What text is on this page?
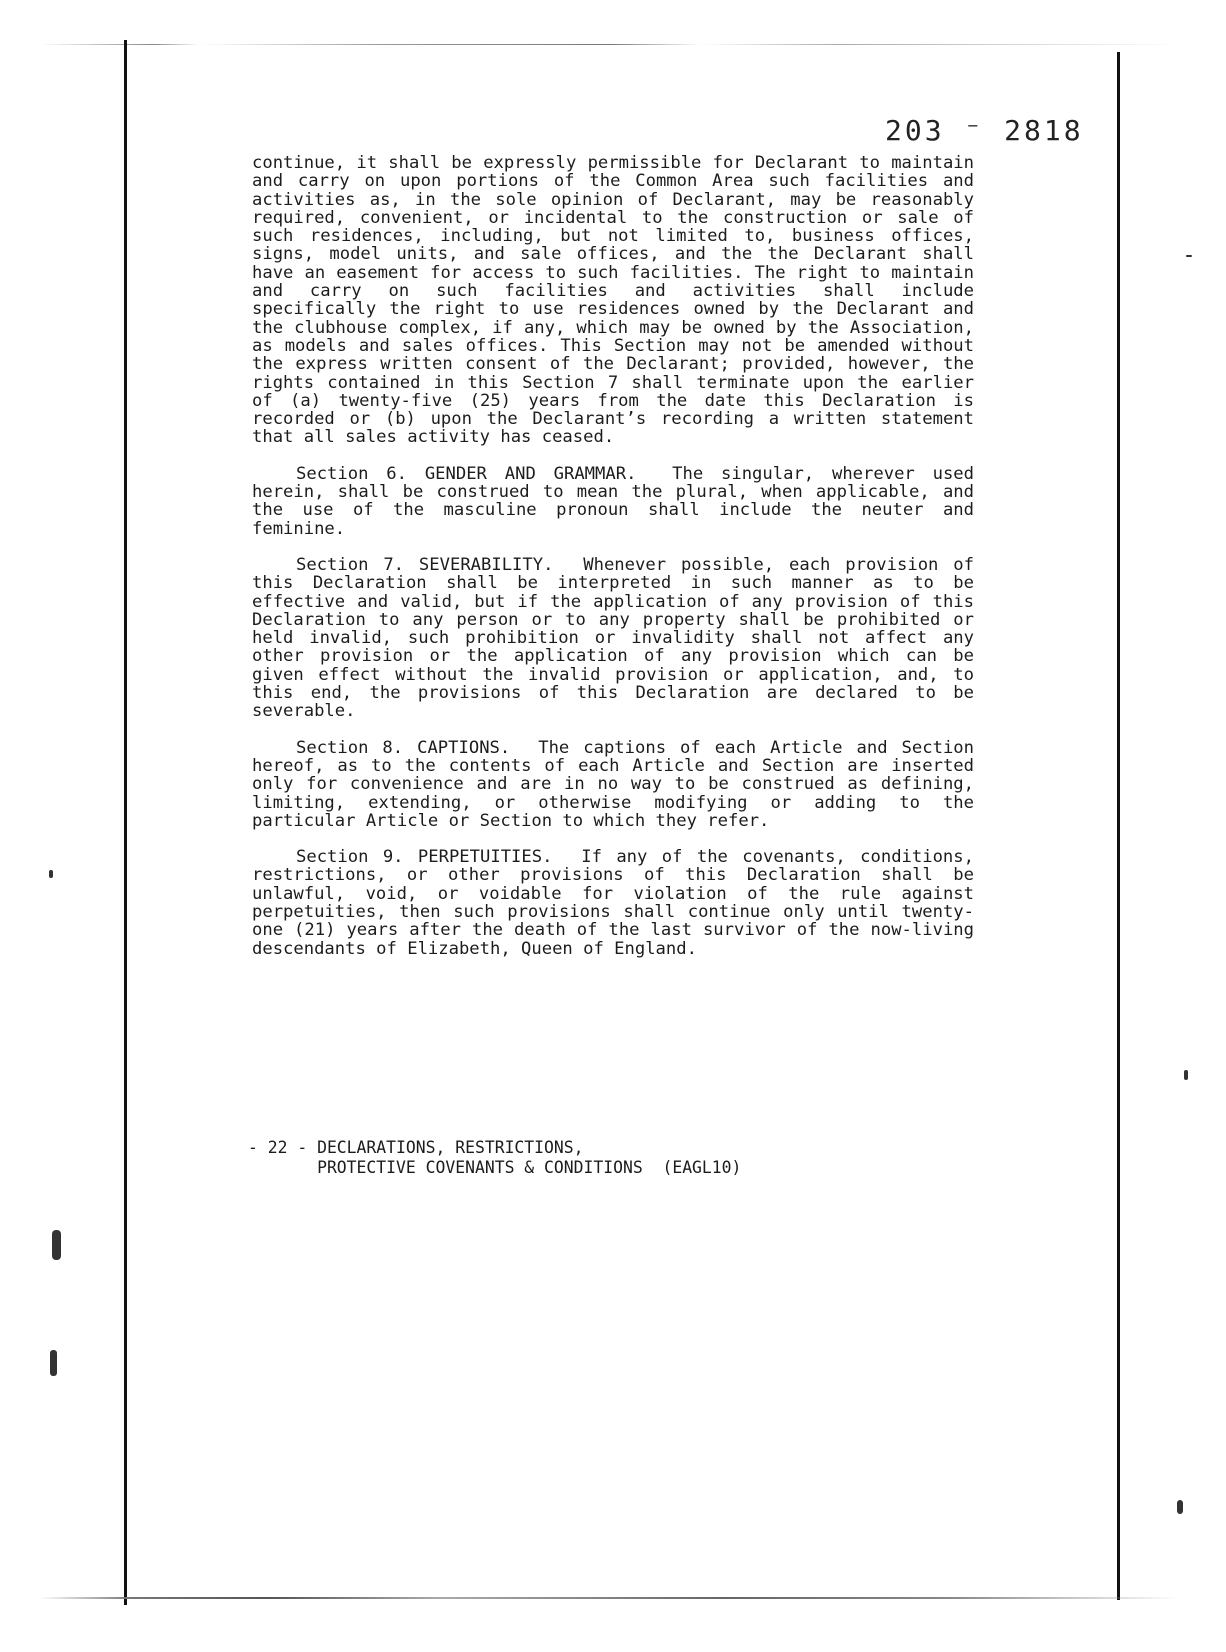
203 ⁻ 2818

continue, it shall be expressly permissible for Declarant to maintain and carry on upon portions of the Common Area such facilities and activities as, in the sole opinion of Declarant, may be reasonably required, convenient, or incidental to the construction or sale of such residences, including, but not limited to, business offices, signs, model units, and sale offices, and the the Declarant shall have an easement for access to such facilities. The right to maintain and carry on such facilities and activities shall include specifically the right to use residences owned by the Declarant and the clubhouse complex, if any, which may be owned by the Association, as models and sales offices. This Section may not be amended without the express written consent of the Declarant; provided, however, the rights contained in this Section 7 shall terminate upon the earlier of (a) twenty-five (25) years from the date this Declaration is recorded or (b) upon the Declarant’s recording a written statement that all sales activity has ceased.

Section 6. GENDER AND GRAMMAR. The singular, wherever used herein, shall be construed to mean the plural, when applicable, and the use of the masculine pronoun shall include the neuter and feminine.

Section 7. SEVERABILITY. Whenever possible, each provision of this Declaration shall be interpreted in such manner as to be effective and valid, but if the application of any provision of this Declaration to any person or to any property shall be prohibited or held invalid, such prohibition or invalidity shall not affect any other provision or the application of any provision which can be given effect without the invalid provision or application, and, to this end, the provisions of this Declaration are declared to be severable.

Section 8. CAPTIONS. The captions of each Article and Section hereof, as to the contents of each Article and Section are inserted only for convenience and are in no way to be construed as defining, limiting, extending, or otherwise modifying or adding to the particular Article or Section to which they refer.

Section 9. PERPETUITIES. If any of the covenants, conditions, restrictions, or other provisions of this Declaration shall be unlawful, void, or voidable for violation of the rule against perpetuities, then such provisions shall continue only until twenty-one (21) years after the death of the last survivor of the now-living descendants of Elizabeth, Queen of England.

- 22 - DECLARATIONS, RESTRICTIONS,
PROTECTIVE COVENANTS & CONDITIONS  (EAGL10)
